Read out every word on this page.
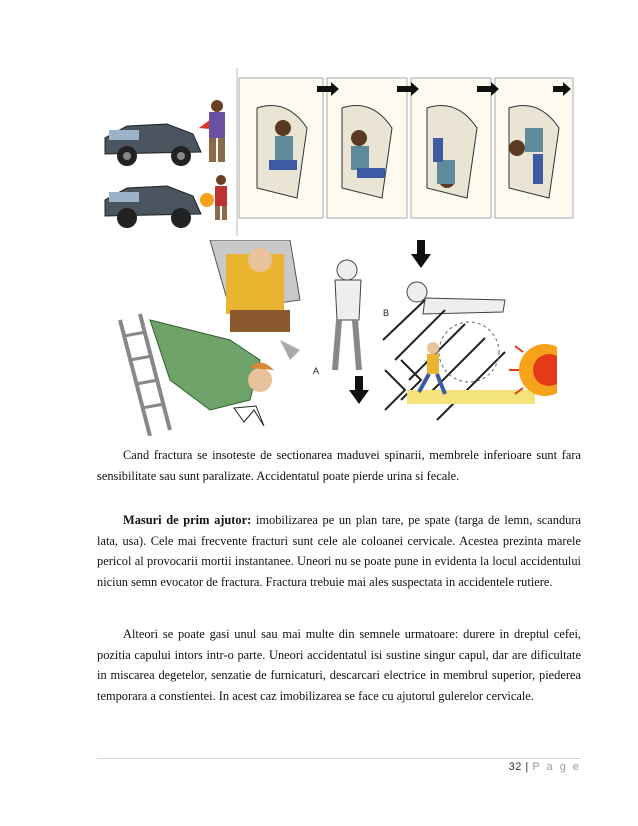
A
B

Cand fractura se insoteste de sectionarea maduvei spinarii, membrele inferioare sunt fara sensibilitate sau sunt paralizate. Accidentatul poate pierde urina si fecale.

Masuri de prim ajutor: imobilizarea pe un plan tare, pe spate (targa de lemn, scandura lata, usa). Cele mai frecvente fracturi sunt cele ale coloanei cervicale. Acestea prezinta marele pericol al provocarii mortii instantanee. Uneori nu se poate pune in evidenta la locul accidentului niciun semn evocator de fractura. Fractura trebuie mai ales suspectata in accidentele rutiere.

Alteori se poate gasi unul sau mai multe din semnele urmatoare: durere in dreptul cefei, pozitia capului intors intr-o parte. Uneori accidentatul isi sustine singur capul, dar are dificultate in miscarea degetelor, senzatie de furnicaturi, descarcari electrice in membrul superior, piederea temporara a constientei. In acest caz imobilizarea se face cu ajutorul gulerelor cervicale.

32 | P a g e
